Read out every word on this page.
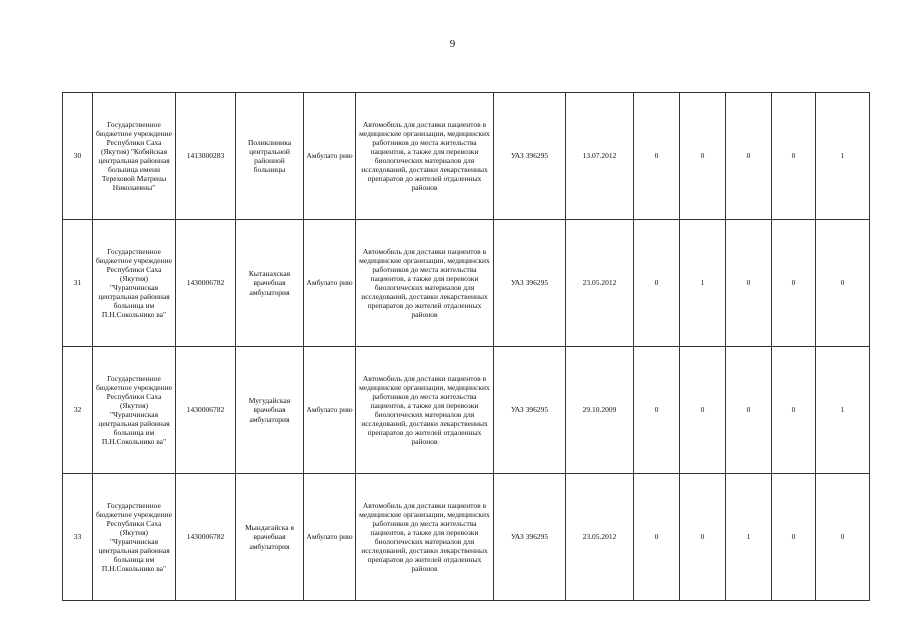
9
30	Государственное бюджетное учреждение Республики Саха (Якутия) "Кобяйская центральная районная больница имени Тереховой Матрены Николаевны"	1413000283	Поликлиника центральной районной больницы	Амбулато рию	Автомобиль для доставки пациентов в медицинские организации, медицинских работников до места жительства пациентов, а также для перевозки биологических материалов для исследований, доставки лекарственных препаратов до жителей отдаленных районов	УАЗ 396295	13.07.2012	0	0	0	0	1
31	Государственное бюджетное учреждение Республики Саха (Якутия) "Чурапчинская центральная районная больница им П.Н.Сокольнико ва"	1430006782	Кытанахская врачебная амбулатория	Амбулато рию	Автомобиль для доставки пациентов в медицинские организации, медицинских работников до места жительства пациентов, а также для перевозки биологических материалов для исследований, доставки лекарственных препаратов до жителей отдаленных районов	УАЗ 396295	23.05.2012	0	1	0	0	0
32	Государственное бюджетное учреждение Республики Саха (Якутия) "Чурапчинская центральная районная больница им П.Н.Сокольнико ва"	1430006782	Мугудайская врачебная амбулатория	Амбулато рию	Автомобиль для доставки пациентов в медицинские организации, медицинских работников до места жительства пациентов, а также для перевозки биологических материалов для исследований, доставки лекарственных препаратов до жителей отдаленных районов	УАЗ 396295	29.10.2009	0	0	0	0	1
33	Государственное бюджетное учреждение Республики Саха (Якутия) "Чурапчинская центральная районная больница им П.Н.Сокольнико ва"	1430006782	Мындагайска я врачебная амбулатория	Амбулато рию	Автомобиль для доставки пациентов в медицинские организации, медицинских работников до места жительства пациентов, а также для перевозки биологических материалов для исследований, доставки лекарственных препаратов до жителей отдаленных районов	УАЗ 396295	23.05.2012	0	0	1	0	0
